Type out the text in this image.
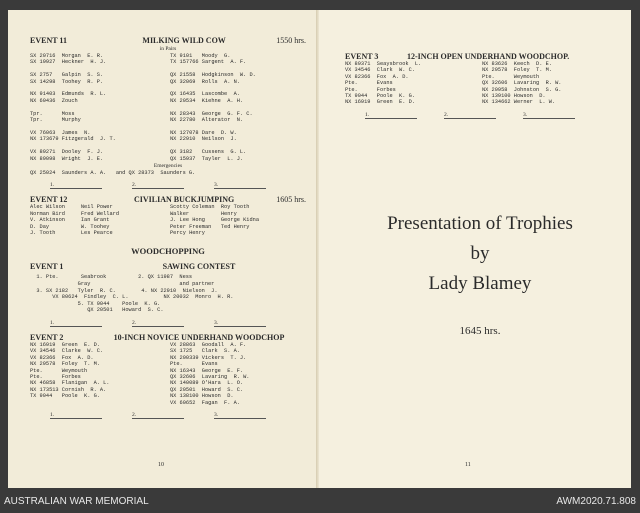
EVENT 11	MILKING WILD COW	1550 hrs.
in Pairs
SX 20716  Morgan  E. R.	TX 9101   Moody  G.
SX 19927  Heckner  H. J.	TX 157766 Sargent  A. F.

SX 2757   Galpin  S. S.	QX 21558  Hodgkinson  W. D.
SX 14298  Toohey  R. P.	QX 32069  Rolls  A. N.

NX 91403  Edmunds  R. L.	QX 16435  Lascombe  A.
NX 60436  Zouch	NX 20534  Kiehne  A. H.

Tpr.      Moss	NX 28343  George  G. F. C.
Tpr.      Murphy	NX 22780  Alterator  N.

VX 76063  James  N.	NX 127078 Dare  D. W.
NX 173679 Fitzgerald  J. T.	NX 22910  Neilson  J.

VX 89271  Dooley  F. J.	QX 3182   Cussens  G. L.
NX 89098  Wright  J. E.	QX 15937  Tayler  L. J.
Emergencies
QX 25024  Saunders A. A.   and QX 28373  Saunders G.
1.	2.	3.
EVENT 12	CIVILIAN BUCKJUMPING	1605 hrs.
Alec Wilson     Neil Power	Scotty Coleman  Roy Tooth
Norman Bird     Fred Wellard	Walker          Henry
V. Atkinson     Ian Grant	J. Lee Hong     George Kidna
D. Day          W. Toohey	Peter Freeman   Ted Henry
J. Tooth        Les Pearce	Percy Henry
WOODCHOPPING
EVENT 1	SAWING CONTEST
1. Pte.       Seabrook          2. QX 11987  Ness
Gray                            and partner
3. SX 2182   Tyler  R. C.        4. NX 22910  Nielson  J.
VX 80624  Findley  C. L.           NX 20032  Monro  H. R.
5. TX 9044    Poole  K. G.
QX 20501   Howard  S. C.
1.	2.	3.
EVENT 2	10-INCH NOVICE UNDERHAND WOODCHOP
NX 16919  Green  E. D.	VX 28863  Goodall  A. F.
VX 34546  Clarke  W. C.	SX 1725   Clark  S. A.
VX 82366  Fox  A. D.	NX 200339 Vickers  T. J.
NX 29578  Foley  T. M.	Pte.      Evans
Pte.      Weymouth	NX 16343  George  E. F.
Pte.      Forbes	QX 32606  Lavaring  R. W.
NX 46858  Flanigan  A. L.	NX 140089 O'Hara  L. O.
NX 173513 Cornish  R. A.	QX 20501  Howard  S. C.
TX 9044   Poole  K. G.	NX 138100 Howson  D.

VX 60652  Fagan  F. A.
1.	2.	3.
10
EVENT 3	12-INCH OPEN UNDERHAND WOODCHOP.
NX 89371  Seaysbrook  L.	NX 83626  Keech  D. E.
VX 34546  Clark  W. C.	NX 29578  Foley  T. M.
VX 82366  Fox  A. D.	Pte.      Weymouth
Pte.      Evans	QX 32606  Lavaring  R. W.
Pte.      Forbes	NX 20958  Johnston  S. G.
TX 9044   Poole  K. G.	NX 139100 Howson  D.
NX 16919  Green  E. D.	NX 134662 Werner  L. W.
1.	2.	3.
Presentation of Trophies
by
Lady Blamey
1645 hrs.
11
AUSTRALIAN WAR MEMORIAL	AWM2020.71.808
